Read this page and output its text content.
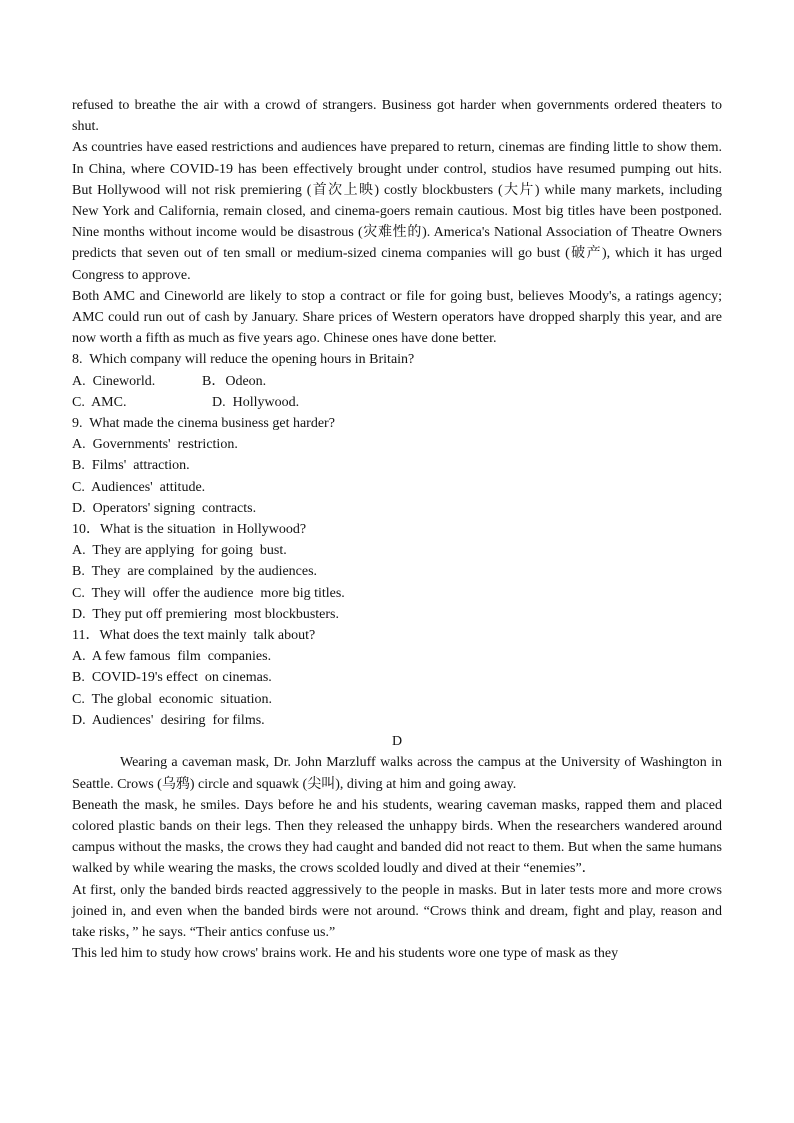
refused to breathe the air with a crowd of strangers. Business got harder when governments ordered theaters to shut.

As countries have eased restrictions and audiences have prepared to return, cinemas are finding little to show them. In China, where COVID-19 has been effectively brought under control, studios have resumed pumping out hits. But Hollywood will not risk premiering (首次上映) costly blockbusters (大片) while many markets, including New York and California, remain closed, and cinema-goers remain cautious. Most big titles have been postponed. Nine months without income would be disastrous (灾难性的). America's National Association of Theatre Owners predicts that seven out of ten small or medium-sized cinema companies will go bust (破产), which it has urged Congress to approve.

Both AMC and Cineworld are likely to stop a contract or file for going bust, believes Moody's, a ratings agency; AMC could run out of cash by January. Share prices of Western operators have dropped sharply this year, and are now worth a fifth as much as five years ago. Chinese ones have done better.

8.  Which company will reduce the opening hours in Britain?

A.  Cineworld.	B．Odeon.
C.  AMC.	D.  Hollywood.

9.  What made the cinema business get harder?

A.  Governments'  restriction.

B.  Films'  attraction.

C.  Audiences'  attitude.

D.  Operators' signing  contracts.

10．What is the situation  in Hollywood?

A.  They are applying  for going  bust.

B.  They  are complained  by the audiences.

C.  They will  offer the audience  more big titles.

D.  They put off premiering  most blockbusters.

11．What does the text mainly  talk about?

A.  A few famous  film  companies.

B.  COVID-19's effect  on cinemas.

C.  The global  economic  situation.

D.  Audiences'  desiring  for films.

D

Wearing a caveman mask, Dr. John Marzluff walks across the campus at the University of Washington in Seattle. Crows (乌鸦) circle and squawk (尖叫), diving at him and going away.

Beneath the mask, he smiles. Days before he and his students, wearing caveman masks, rapped them and placed colored plastic bands on their legs. Then they released the unhappy birds. When the researchers wandered around campus without the masks, the crows they had caught and banded did not react to them. But when the same humans walked by while wearing the masks, the crows scolded loudly and dived at their “enemies”．

At first, only the banded birds reacted aggressively to the people in masks. But in later tests more and more crows joined in, and even when the banded birds were not around. “Crows think and dream, fight and play, reason and take risks，” he says. “Their antics confuse us.”

This led him to study how crows' brains work. He and his students wore one type of mask as they
